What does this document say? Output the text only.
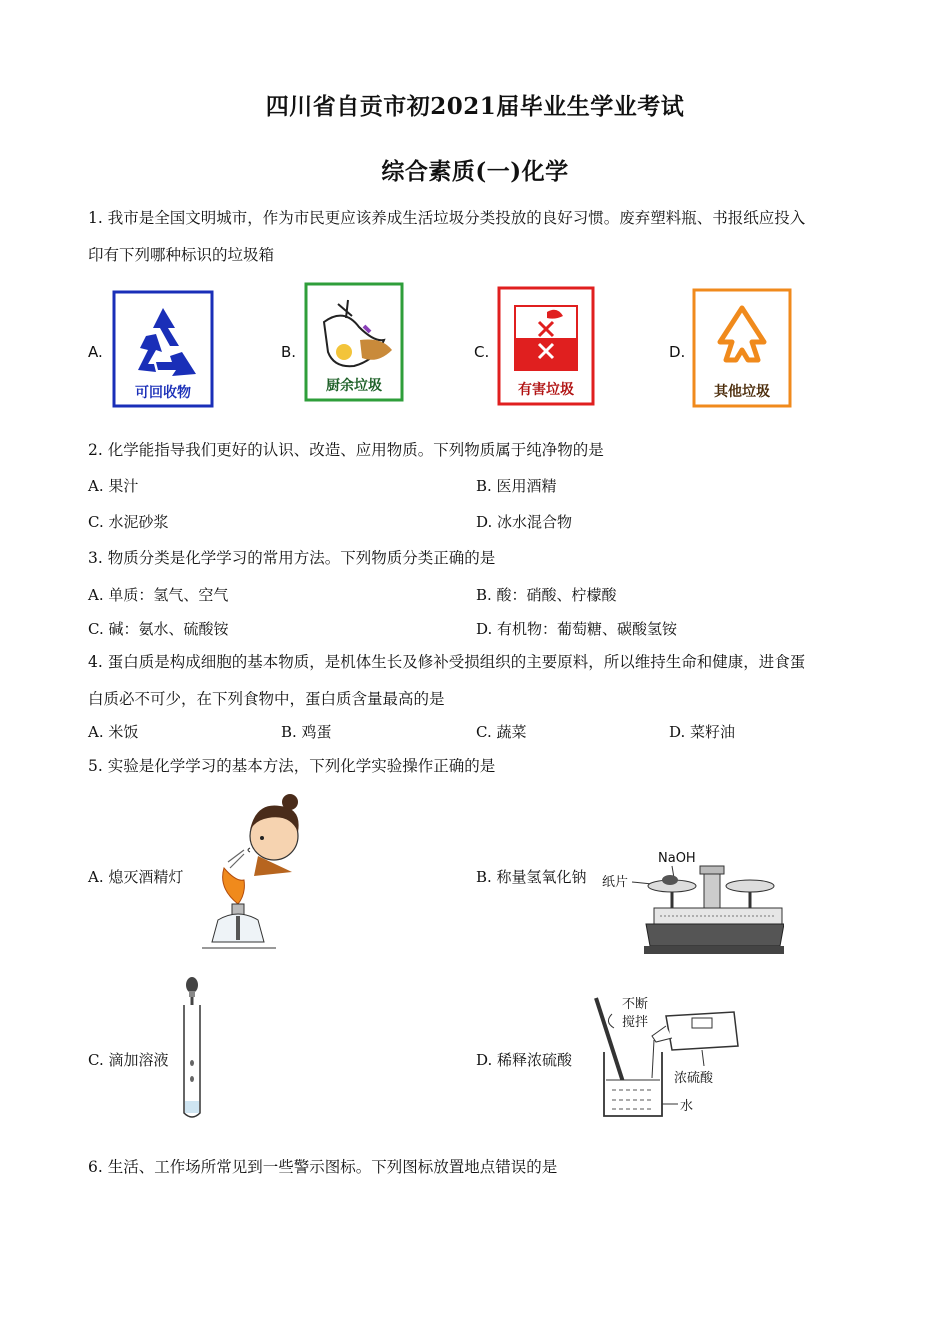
四川省自贡市初2021届毕业生学业考试
综合素质(一)化学
1. 我市是全国文明城市，作为市民更应该养成生活垃圾分类投放的良好习惯。废弃塑料瓶、书报纸应投入
印有下列哪种标识的垃圾箱
A.
可回收物
B.
厨余垃圾
C.
有害垃圾
D.
其他垃圾
2. 化学能指导我们更好的认识、改造、应用物质。下列物质属于纯净物的是
A. 果汁	B. 医用酒精
C. 水泥砂浆	D. 冰水混合物
3. 物质分类是化学学习的常用方法。下列物质分类正确的是
A. 单质：氢气、空气	B. 酸：硝酸、柠檬酸
C. 碱：氨水、硫酸铵	D. 有机物：葡萄糖、碳酸氢铵
4. 蛋白质是构成细胞的基本物质，是机体生长及修补受损组织的主要原料，所以维持生命和健康，进食蛋
白质必不可少，在下列食物中，蛋白质含量最高的是
A. 米饭	B. 鸡蛋	C. 蔬菜	D. 菜籽油
5. 实验是化学学习的基本方法，下列化学实验操作正确的是
A. 熄灭酒精灯	B. 称量氢氧化钠
NaOH
纸片
C. 滴加溶液	D. 稀释浓硫酸
不断
搅拌
浓硫酸
水
6. 生活、工作场所常见到一些警示图标。下列图标放置地点错误的是
